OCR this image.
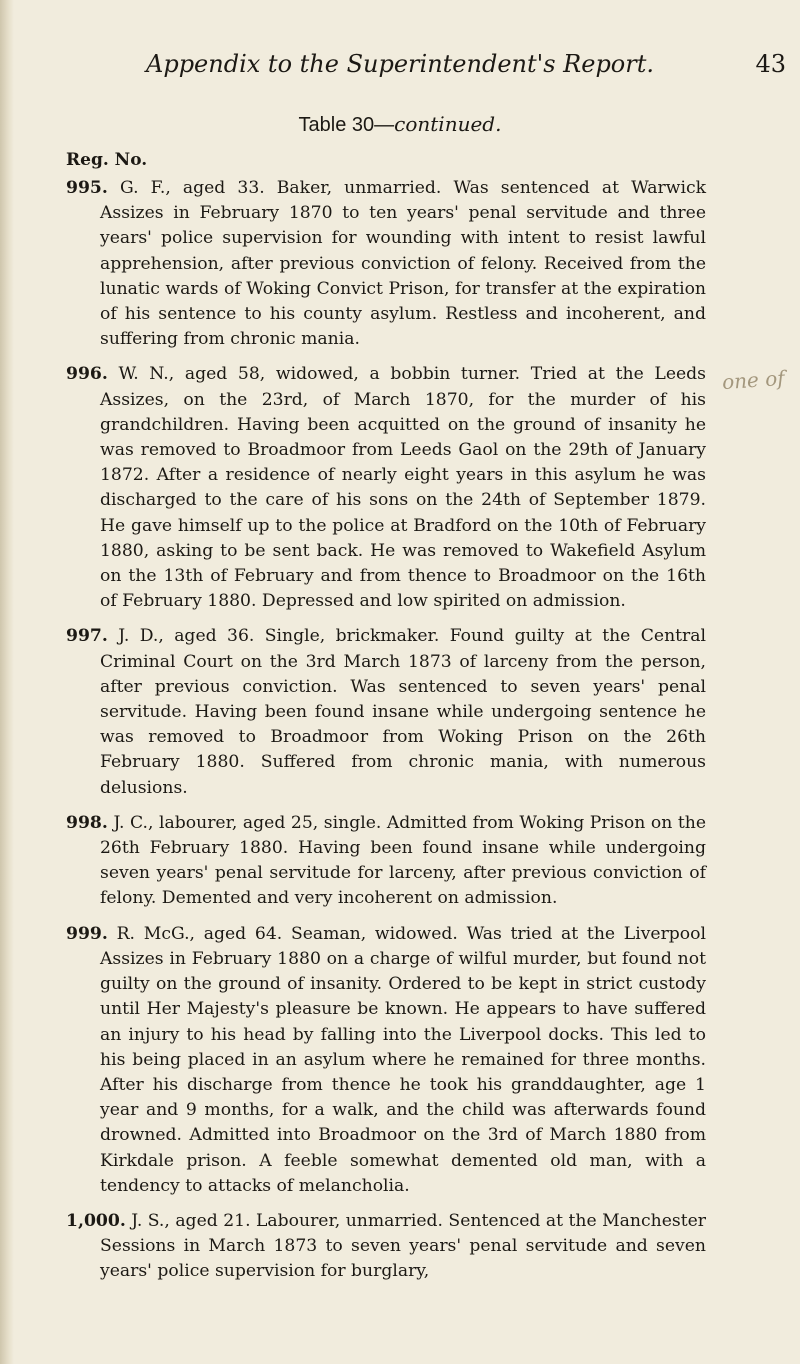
Appendix to the Superintendent's Report.	43
Table 30—continued.
Reg. No.
one of

995. G. F., aged 33. Baker, unmarried. Was sentenced at Warwick Assizes in February 1870 to ten years' penal servitude and three years' police supervision for wounding with intent to resist lawful apprehension, after previous conviction of felony. Received from the lunatic wards of Woking Convict Prison, for transfer at the expiration of his sentence to his county asylum. Restless and incoherent, and suffering from chronic mania.

996. W. N., aged 58, widowed, a bobbin turner. Tried at the Leeds Assizes, on the 23rd, of March 1870, for the murder of his grandchildren. Having been acquitted on the ground of insanity he was removed to Broadmoor from Leeds Gaol on the 29th of January 1872. After a residence of nearly eight years in this asylum he was discharged to the care of his sons on the 24th of September 1879. He gave himself up to the police at Bradford on the 10th of February 1880, asking to be sent back. He was removed to Wakefield Asylum on the 13th of February and from thence to Broadmoor on the 16th of February 1880. Depressed and low spirited on admission.

997. J. D., aged 36. Single, brickmaker. Found guilty at the Central Criminal Court on the 3rd March 1873 of larceny from the person, after previous conviction. Was sentenced to seven years' penal servitude. Having been found insane while undergoing sentence he was removed to Broadmoor from Woking Prison on the 26th February 1880. Suffered from chronic mania, with numerous delusions.

998. J. C., labourer, aged 25, single. Admitted from Woking Prison on the 26th February 1880. Having been found insane while undergoing seven years' penal servitude for larceny, after previous conviction of felony. Demented and very incoherent on admission.

999. R. McG., aged 64. Seaman, widowed. Was tried at the Liverpool Assizes in February 1880 on a charge of wilful murder, but found not guilty on the ground of insanity. Ordered to be kept in strict custody until Her Majesty's pleasure be known. He appears to have suffered an injury to his head by falling into the Liverpool docks. This led to his being placed in an asylum where he remained for three months. After his discharge from thence he took his granddaughter, age 1 year and 9 months, for a walk, and the child was afterwards found drowned. Admitted into Broadmoor on the 3rd of March 1880 from Kirkdale prison. A feeble somewhat demented old man, with a tendency to attacks of melancholia.

1,000. J. S., aged 21. Labourer, unmarried. Sentenced at the Manchester Sessions in March 1873 to seven years' penal servitude and seven years' police supervision for burglary,
